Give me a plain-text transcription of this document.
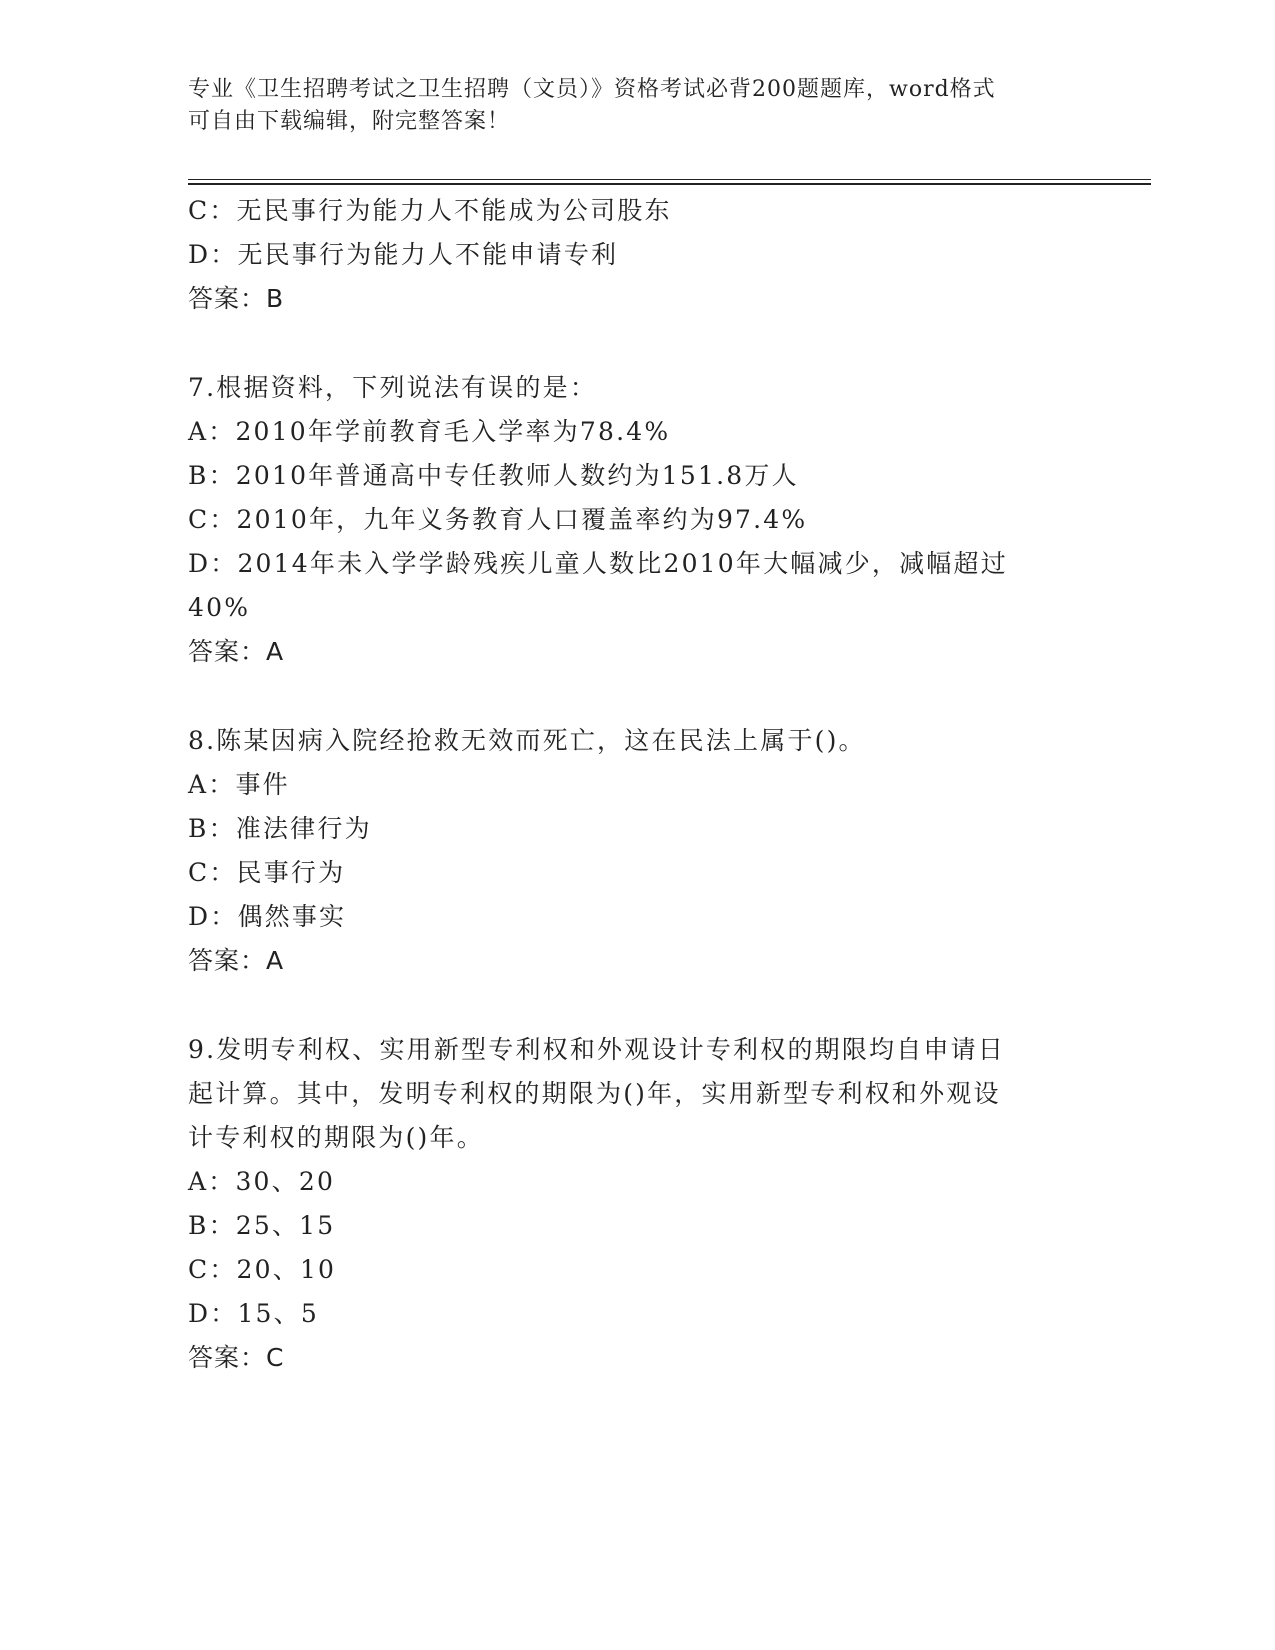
专业《卫生招聘考试之卫生招聘（文员）》资格考试必背200题题库，word格式
可自由下载编辑，附完整答案！
C：无民事行为能力人不能成为公司股东
D：无民事行为能力人不能申请专利
答案：B
7.根据资料，下列说法有误的是：
A：2010年学前教育毛入学率为78.4%
B：2010年普通高中专任教师人数约为151.8万人
C：2010年，九年义务教育人口覆盖率约为97.4%
D：2014年未入学学龄残疾儿童人数比2010年大幅减少，减幅超过
40%
答案：A
8.陈某因病入院经抢救无效而死亡，这在民法上属于()。
A：事件
B：准法律行为
C：民事行为
D：偶然事实
答案：A
9.发明专利权、实用新型专利权和外观设计专利权的期限均自申请日
起计算。其中，发明专利权的期限为()年，实用新型专利权和外观设
计专利权的期限为()年。
A：30、20
B：25、15
C：20、10
D：15、5
答案：C
